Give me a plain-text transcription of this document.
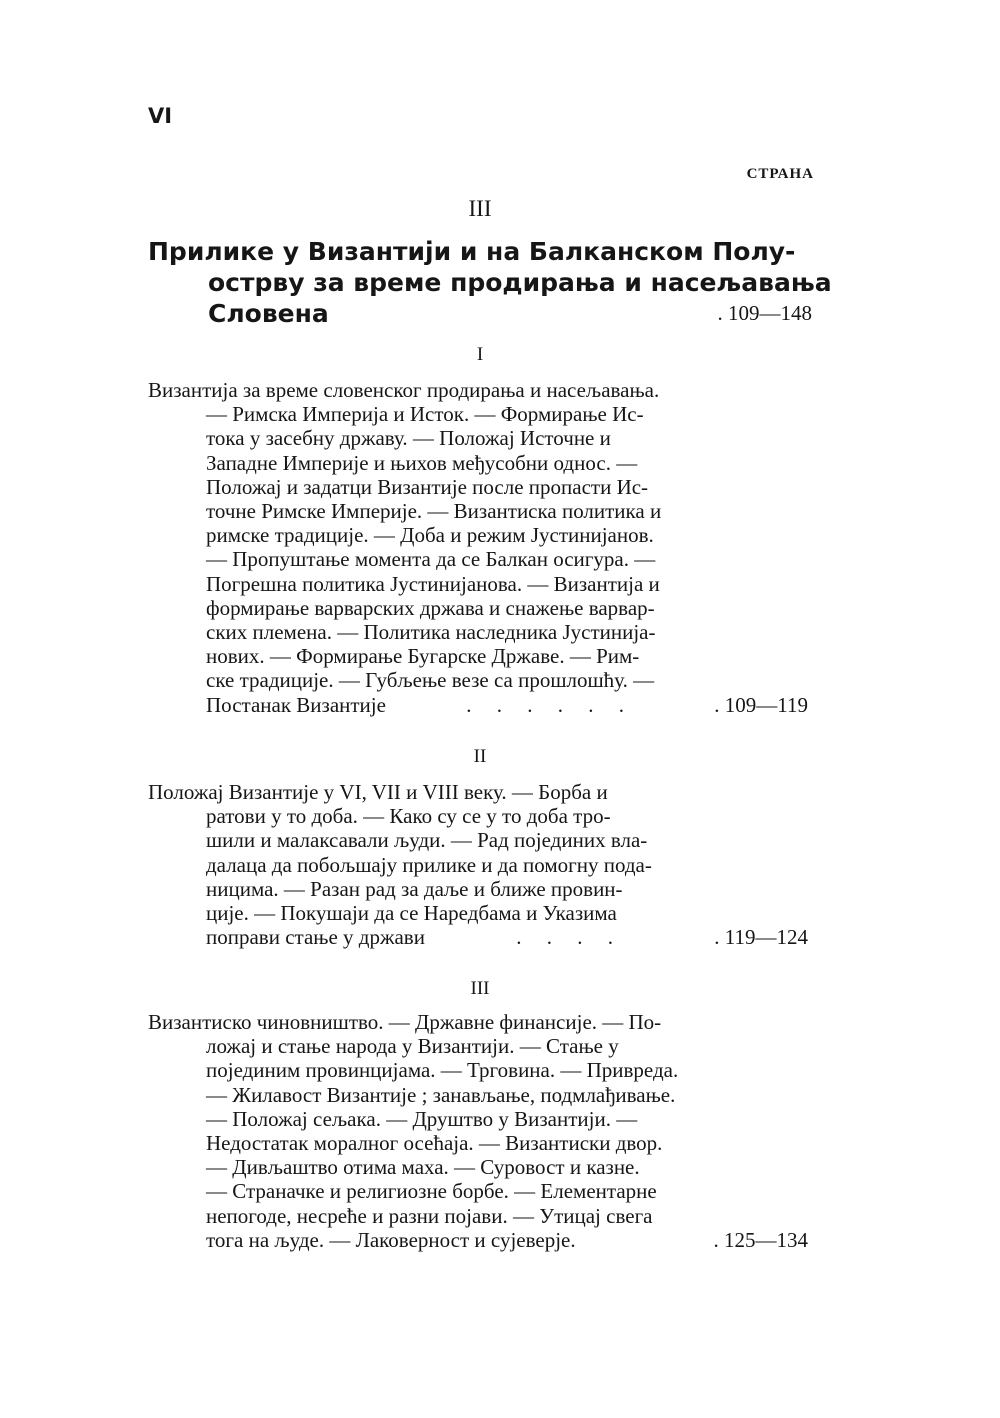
VI
СТРАНА
III
Прилике у Византији и на Балканском Полу-
острву за време продирања и насељавања
Словена	. 109—148
I
Византија за време словенског продирања и насељавања.
— Римска Империја и Исток. — Формирање Ис-
тока у засебну државу. — Положај Источне и
Западне Империје и њихов међусобни однос. —
Положај и задатци Византије после пропасти Ис-
точне Римске Империје. — Византиска политика и
римске традиције. — Доба и режим Јустинијанов.
— Пропуштање момента да се Балкан осигура. —
Погрешна политика Јустинијанова. — Византија и
формирање варварских држава и снажење варвар-
ских племена. — Политика наследника Јустинија-
нових. — Формирање Бугарске Државе. — Рим-
ске традиције. — Губљење везе са прошлошћу. —
Постанак Византије	. . . . . .	. 109—119
II
Положај Византије у VI, VII и VIII веку. — Борба и
ратови у то доба. — Како су се у то доба тро-
шили и малаксавали људи. — Рад појединих вла-
далаца да побољшају прилике и да помогну пода-
ницима. — Разан рад за даље и ближе провин-
ције. — Покушаји да се Наредбама и Указима
поправи стање у држави	. . . .	. 119—124
III
Византиско чиновништво. — Државне финансије. — По-
ложај и стање народа у Византији. — Стање у
појединим провинцијама. — Трговина. — Привреда.
— Жилавост Византије ; занављање, подмлађивање.
— Положај сељака. — Друштво у Византији. —
Недостатак моралног осећаја. — Византиски двор.
— Дивљаштво отима маха. — Суровост и казне.
— Страначке и религиозне борбе. — Елементарне
непогоде, несреће и разни појави. — Утицај свега
тога на људе. — Лаковерност и сујеверје.	. 125—134
